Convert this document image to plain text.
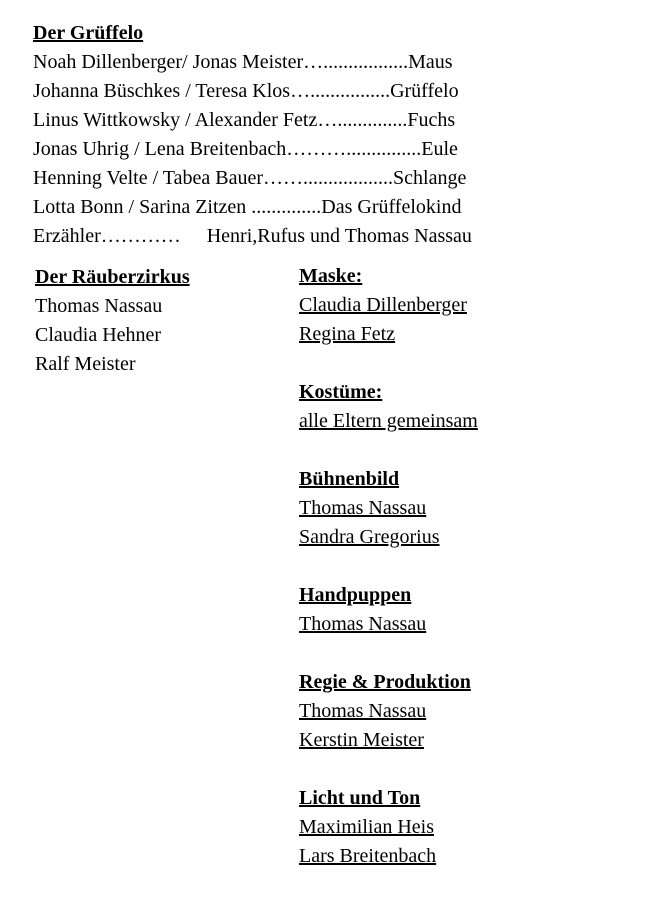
Der Grüffelo
Noah Dillenberger/ Jonas Meister….................Maus
Johanna Büschkes / Teresa Klos…................Grüffelo
Linus Wittkowsky / Alexander Fetz…..............Fuchs
Jonas Uhrig / Lena Breitenbach………...............Eule
Henning Velte / Tabea Bauer……..................Schlange
Lotta Bonn / Sarina Zitzen ..............Das Grüffelokind
Erzähler………… Henri,Rufus und Thomas Nassau
Der Räuberzirkus
Thomas Nassau
Claudia Hehner
Ralf Meister
Maske:
Claudia Dillenberger
Regina Fetz
Kostüme:
alle Eltern gemeinsam
Bühnenbild
Thomas Nassau
Sandra Gregorius
Handpuppen
Thomas Nassau
Regie & Produktion
Thomas Nassau
Kerstin Meister
Licht und Ton
Maximilian Heis
Lars Breitenbach
